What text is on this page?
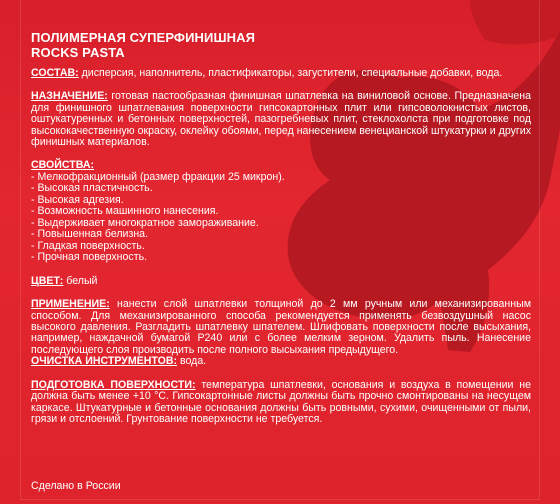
ПОЛИМЕРНАЯ СУПЕРФИНИШНАЯ
ROCKS PASTA

СОСТАВ: дисперсия, наполнитель, пластификаторы, загустители, специальные добавки, вода.

НАЗНАЧЕНИЕ: готовая пастообразная финишная шпатлевка на виниловой основе. Предназначена для финишного шпатлевания поверхности гипсокартонных плит или гипсоволокнистых листов, оштукатуренных и бетонных поверхностей, пазогребневых плит, стеклохолста при подготовке под высококачественную окраску, оклейку обоями, перед нанесением венецианской штукатурки и других финишных материалов.

СВОЙСТВА:
- Мелкофракционный (размер фракции 25 микрон).
- Высокая пластичность.
- Высокая адгезия.
- Возможность машинного нанесения.
- Выдерживает многократное замораживание.
- Повышенная белизна.
- Гладкая поверхность.
- Прочная поверхность.

ЦВЕТ: белый

ПРИМЕНЕНИЕ: нанести слой шпатлевки толщиной до 2 мм ручным или механизированным способом. Для механизированного способа рекомендуется применять безвоздушный насос высокого давления. Разгладить шпатлевку шпателем. Шлифовать поверхности после высыхания, например, наждачной бумагой P240 или с более мелким зерном. Удалить пыль. Нанесение последующего слоя производить после полного высыхания предыдущего.

ОЧИСТКА ИНСТРУМЕНТОВ: вода.

ПОДГОТОВКА ПОВЕРХНОСТИ: температура шпатлевки, основания и воздуха в помещении не должна быть менее +10 °С. Гипсокартонные листы должны быть прочно смонтированы на несущем каркасе. Штукатурные и бетонные основания должны быть ровными, сухими, очищенными от пыли, грязи и отслоений. Грунтование поверхности не требуется.

Сделано в России
